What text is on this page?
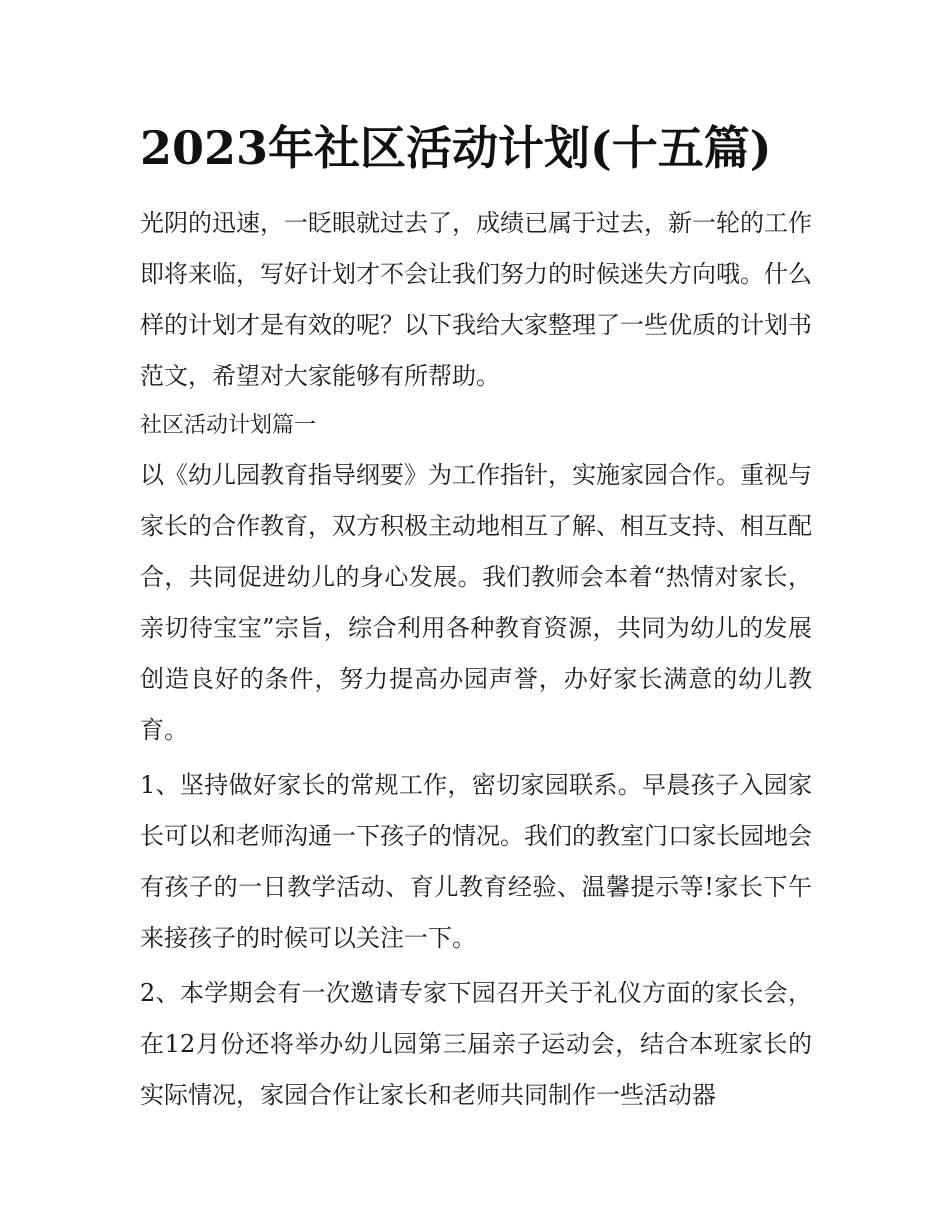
2023年社区活动计划(十五篇)

光阴的迅速，一眨眼就过去了，成绩已属于过去，新一轮的工作即将来临，写好计划才不会让我们努力的时候迷失方向哦。什么样的计划才是有效的呢？以下我给大家整理了一些优质的计划书范文，希望对大家能够有所帮助。

社区活动计划篇一

以《幼儿园教育指导纲要》为工作指针，实施家园合作。重视与家长的合作教育，双方积极主动地相互了解、相互支持、相互配合，共同促进幼儿的身心发展。我们教师会本着“热情对家长，亲切待宝宝”宗旨，综合利用各种教育资源，共同为幼儿的发展创造良好的条件，努力提高办园声誉，办好家长满意的幼儿教育。

1、坚持做好家长的常规工作，密切家园联系。早晨孩子入园家长可以和老师沟通一下孩子的情况。我们的教室门口家长园地会有孩子的一日教学活动、育儿教育经验、温馨提示等!家长下午来接孩子的时候可以关注一下。

2、本学期会有一次邀请专家下园召开关于礼仪方面的家长会，在12月份还将举办幼儿园第三届亲子运动会，结合本班家长的实际情况，家园合作让家长和老师共同制作一些活动器
